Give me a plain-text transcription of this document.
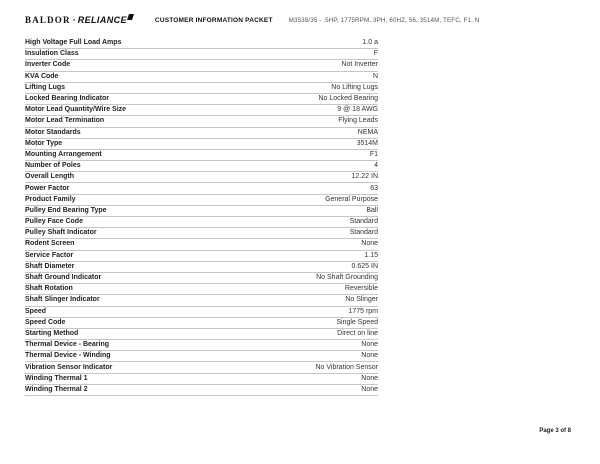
BALDOR · RELIANCE	CUSTOMER INFORMATION PACKET	M3538/35 - .5HP, 1775RPM, 3PH, 60HZ, 56, 3514M, TEFC, F1, N
High Voltage Full Load Amps	1.0 a
Insulation Class	F
Inverter Code	Not Inverter
KVA Code	N
Lifting Lugs	No Lifting Lugs
Locked Bearing Indicator	No Locked Bearing
Motor Lead Quantity/Wire Size	9 @ 18 AWG
Motor Lead Termination	Flying Leads
Motor Standards	NEMA
Motor Type	3514M
Mounting Arrangement	F1
Number of Poles	4
Overall Length	12.22 IN
Power Factor	63
Product Family	General Purpose
Pulley End Bearing Type	Ball
Pulley Face Code	Standard
Pulley Shaft Indicator	Standard
Rodent Screen	None
Service Factor	1.15
Shaft Diameter	0.625 IN
Shaft Ground Indicator	No Shaft Grounding
Shaft Rotation	Reversible
Shaft Slinger Indicator	No Slinger
Speed	1775 rpm
Speed Code	Single Speed
Starting Method	Direct on line
Thermal Device - Bearing	None
Thermal Device - Winding	None
Vibration Sensor Indicator	No Vibration Sensor
Winding Thermal 1	None
Winding Thermal 2	None
Page 3 of 8
